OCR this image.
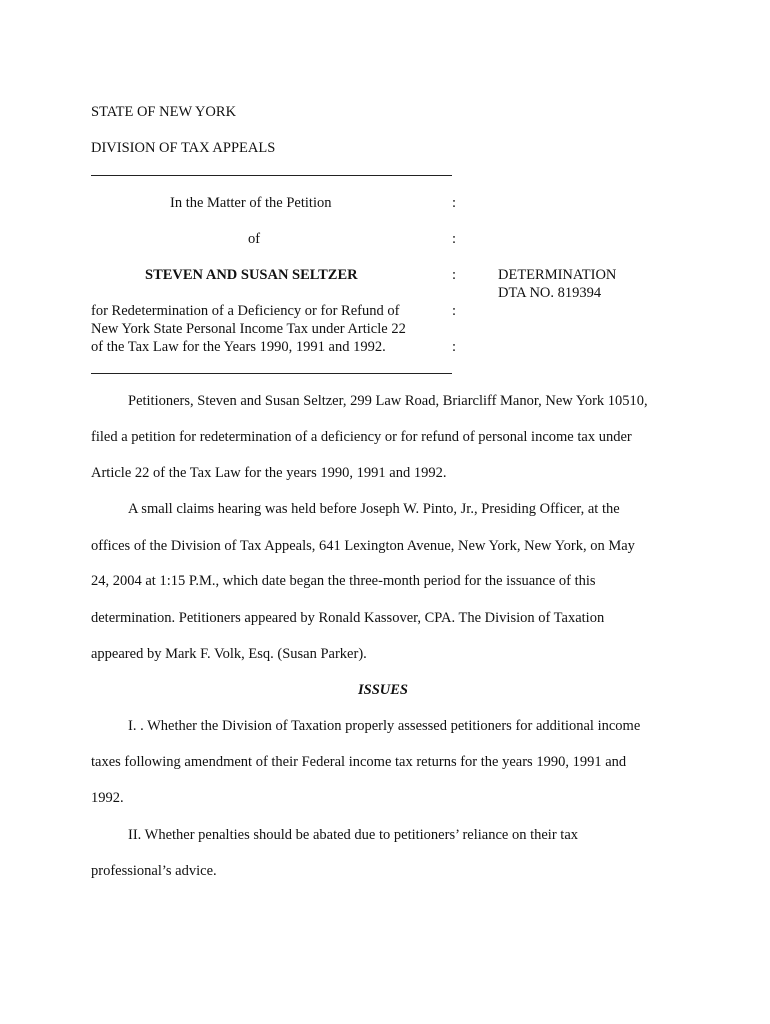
STATE OF NEW YORK
DIVISION OF TAX APPEALS
In the Matter of the Petition	:
of	:
STEVEN AND SUSAN SELTZER	:	DETERMINATION
DTA NO. 819394
for Redetermination of a Deficiency or for Refund of	:
New York State Personal Income Tax under Article 22
of the Tax Law for the Years 1990, 1991 and 1992.	:
Petitioners, Steven and Susan Seltzer, 299 Law Road, Briarcliff Manor, New York 10510,
filed a petition for redetermination of a deficiency or for refund of personal income tax under
Article 22 of the Tax Law for the years 1990, 1991 and 1992.
A small claims hearing was held before Joseph W. Pinto, Jr., Presiding Officer, at the
offices of the Division of Tax Appeals, 641 Lexington Avenue, New York, New York, on May
24, 2004 at 1:15 P.M., which date began the three-month period for the issuance of this
determination. Petitioners appeared by Ronald Kassover, CPA. The Division of Taxation
appeared by Mark F. Volk, Esq. (Susan Parker).
ISSUES
I. . Whether the Division of Taxation properly assessed petitioners for additional income
taxes following amendment of their Federal income tax returns for the years 1990, 1991 and
1992.
II. Whether penalties should be abated due to petitioners’ reliance on their tax
professional’s advice.
